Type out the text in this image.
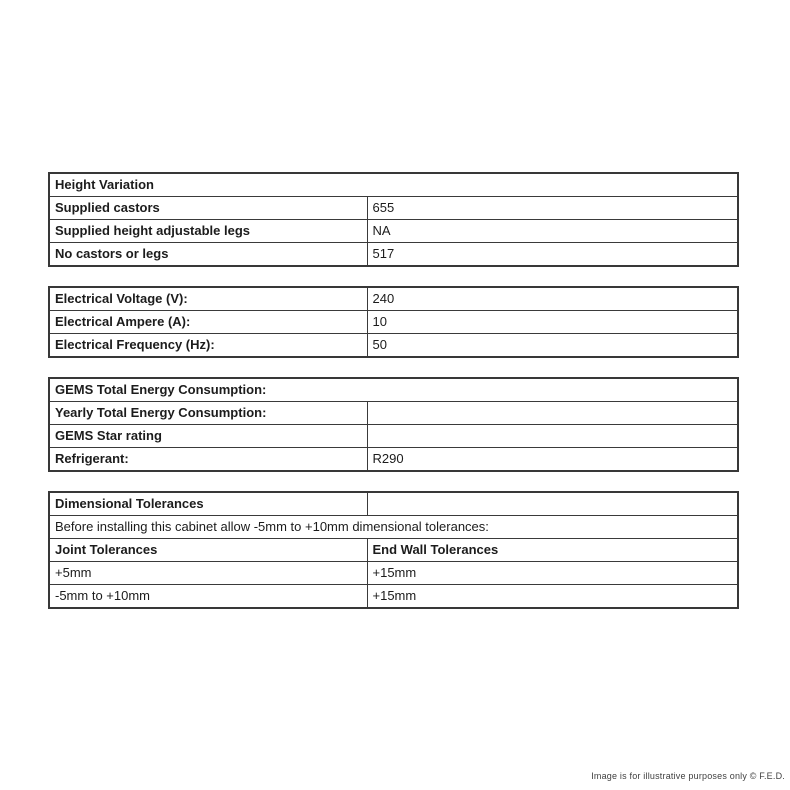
Height Variation	
Supplied castors	655
Supplied height adjustable legs	NA
No castors or legs	517
Electrical Voltage (V):	240
Electrical Ampere (A):	10
Electrical Frequency (Hz):	50
GEMS Total Energy Consumption:	
Yearly Total Energy Consumption:	
GEMS Star rating	
Refrigerant:	R290
Dimensional Tolerances	
Before installing this cabinet allow -5mm to +10mm dimensional tolerances:	
Joint Tolerances	End Wall Tolerances
+5mm	+15mm
-5mm to +10mm	+15mm
Image is for illustrative purposes only © F.E.D.
